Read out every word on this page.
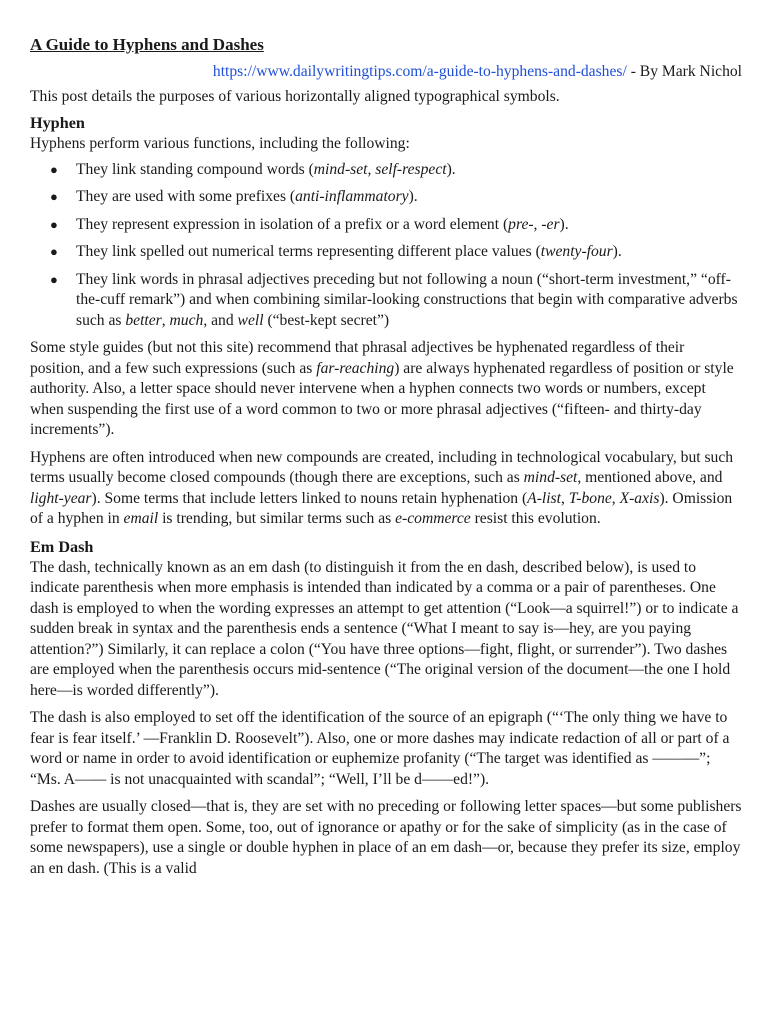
A Guide to Hyphens and Dashes
https://www.dailywritingtips.com/a-guide-to-hyphens-and-dashes/ - By Mark Nichol

This post details the purposes of various horizontally aligned typographical symbols.

Hyphen

Hyphens perform various functions, including the following:

● They link standing compound words (mind-set, self-respect).
● They are used with some prefixes (anti-inflammatory).
● They represent expression in isolation of a prefix or a word element (pre-, -er).
● They link spelled out numerical terms representing different place values (twenty-four).
● They link words in phrasal adjectives preceding but not following a noun (“short-term investment,” “off-the-cuff remark”) and when combining similar-looking constructions that begin with comparative adverbs such as better, much, and well (“best-kept secret”)

Some style guides (but not this site) recommend that phrasal adjectives be hyphenated regardless of their position, and a few such expressions (such as far-reaching) are always hyphenated regardless of position or style authority. Also, a letter space should never intervene when a hyphen connects two words or numbers, except when suspending the first use of a word common to two or more phrasal adjectives (“fifteen- and thirty-day increments”).

Hyphens are often introduced when new compounds are created, including in technological vocabulary, but such terms usually become closed compounds (though there are exceptions, such as mind-set, mentioned above, and light-year). Some terms that include letters linked to nouns retain hyphenation (A-list, T-bone, X-axis). Omission of a hyphen in email is trending, but similar terms such as e-commerce resist this evolution.

Em Dash

The dash, technically known as an em dash (to distinguish it from the en dash, described below), is used to indicate parenthesis when more emphasis is intended than indicated by a comma or a pair of parentheses. One dash is employed to when the wording expresses an attempt to get attention (“Look—a squirrel!”) or to indicate a sudden break in syntax and the parenthesis ends a sentence (“What I meant to say is—hey, are you paying attention?”) Similarly, it can replace a colon (“You have three options—fight, flight, or surrender”). Two dashes are employed when the parenthesis occurs mid-sentence (“The original version of the document—the one I hold here—is worded differently”).

The dash is also employed to set off the identification of the source of an epigraph (“‘The only thing we have to fear is fear itself.’ —Franklin D. Roosevelt”). Also, one or more dashes may indicate redaction of all or part of a word or name in order to avoid identification or euphemize profanity (“The target was identified as ———”; “Ms. A—— is not unacquainted with scandal”; “Well, I’ll be d——ed!”).

Dashes are usually closed—that is, they are set with no preceding or following letter spaces—but some publishers prefer to format them open. Some, too, out of ignorance or apathy or for the sake of simplicity (as in the case of some newspapers), use a single or double hyphen in place of an em dash—or, because they prefer its size, employ an en dash. (This is a valid
